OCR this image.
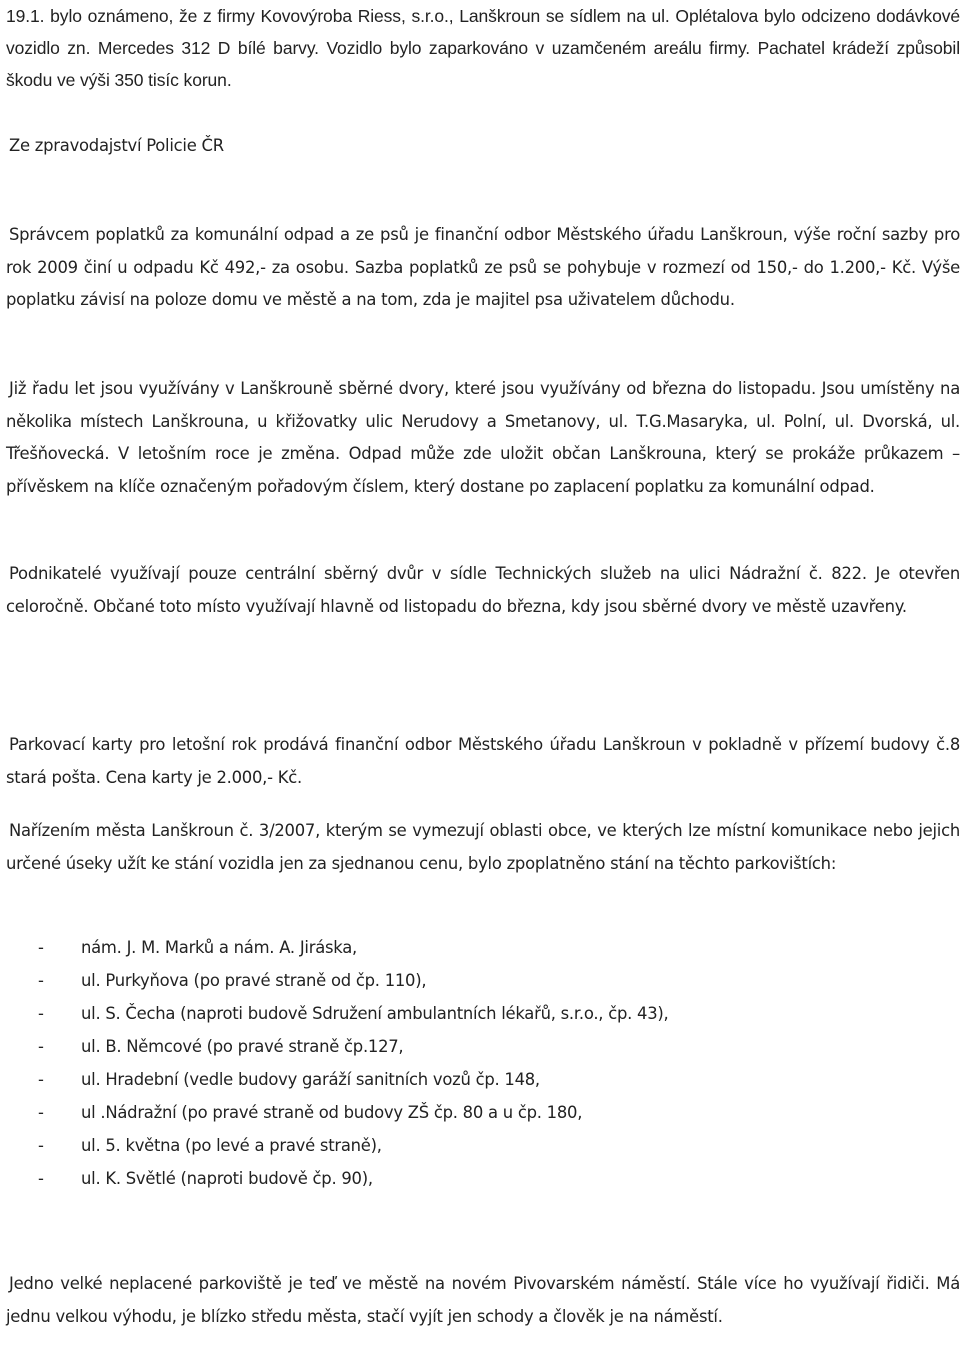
19.1. bylo oznámeno, že z firmy Kovovýroba Riess, s.r.o., Lanškroun se sídlem na ul. Oplétalova bylo odcizeno dodávkové vozidlo zn. Mercedes 312 D bílé barvy. Vozidlo bylo zaparkováno v uzamčeném areálu firmy. Pachatel krádeží způsobil škodu ve výši 350 tisíc korun.

Ze zpravodajství Policie ČR

Správcem poplatků za komunální odpad a ze psů je finanční odbor Městského úřadu Lanškroun, výše roční sazby pro rok 2009 činí u odpadu Kč 492,- za osobu. Sazba poplatků ze psů se pohybuje v rozmezí od 150,- do 1.200,- Kč. Výše poplatku závisí na poloze domu ve městě a na tom, zda je majitel psa uživatelem důchodu.

Již řadu let jsou využívány v Lanškrouně sběrné dvory, které jsou využívány od března do listopadu. Jsou umístěny na několika místech Lanškrouna, u křižovatky ulic Nerudovy a Smetanovy, ul. T.G.Masaryka, ul. Polní, ul. Dvorská, ul. Třešňovecká. V letošním roce je změna. Odpad může zde uložit občan Lanškrouna, který se prokáže průkazem – přívěskem na klíče označeným pořadovým číslem, který dostane po zaplacení poplatku za komunální odpad.

Podnikatelé využívají pouze centrální sběrný dvůr v sídle Technických služeb na ulici Nádražní č. 822. Je otevřen celoročně. Občané toto místo využívají hlavně od listopadu do března, kdy jsou sběrné dvory ve městě uzavřeny.

Parkovací karty pro letošní rok prodává finanční odbor Městského úřadu Lanškroun v pokladně v přízemí budovy č.8 stará pošta. Cena karty je 2.000,- Kč.

Nařízením města Lanškroun č. 3/2007, kterým se vymezují oblasti obce, ve kterých lze místní komunikace nebo jejich určené úseky užít ke stání vozidla jen za sjednanou cenu, bylo zpoplatněno stání na těchto parkovištích:

- nám. J. M. Marků a nám. A. Jiráska,
- ul. Purkyňova (po pravé straně od čp. 110),
- ul. S. Čecha (naproti budově Sdružení ambulantních lékařů, s.r.o., čp. 43),
- ul. B. Němcové (po pravé straně čp.127,
- ul. Hradební (vedle budovy garáží sanitních vozů čp. 148,
- ul .Nádražní (po pravé straně od budovy ZŠ čp. 80 a u čp. 180,
- ul. 5. května (po levé a pravé straně),
- ul. K. Světlé (naproti budově čp. 90),

Jedno velké neplacené parkoviště je teď ve městě na novém Pivovarském náměstí. Stále více ho využívají řidiči. Má jednu velkou výhodu, je blízko středu města, stačí vyjít jen schody a člověk je na náměstí.
